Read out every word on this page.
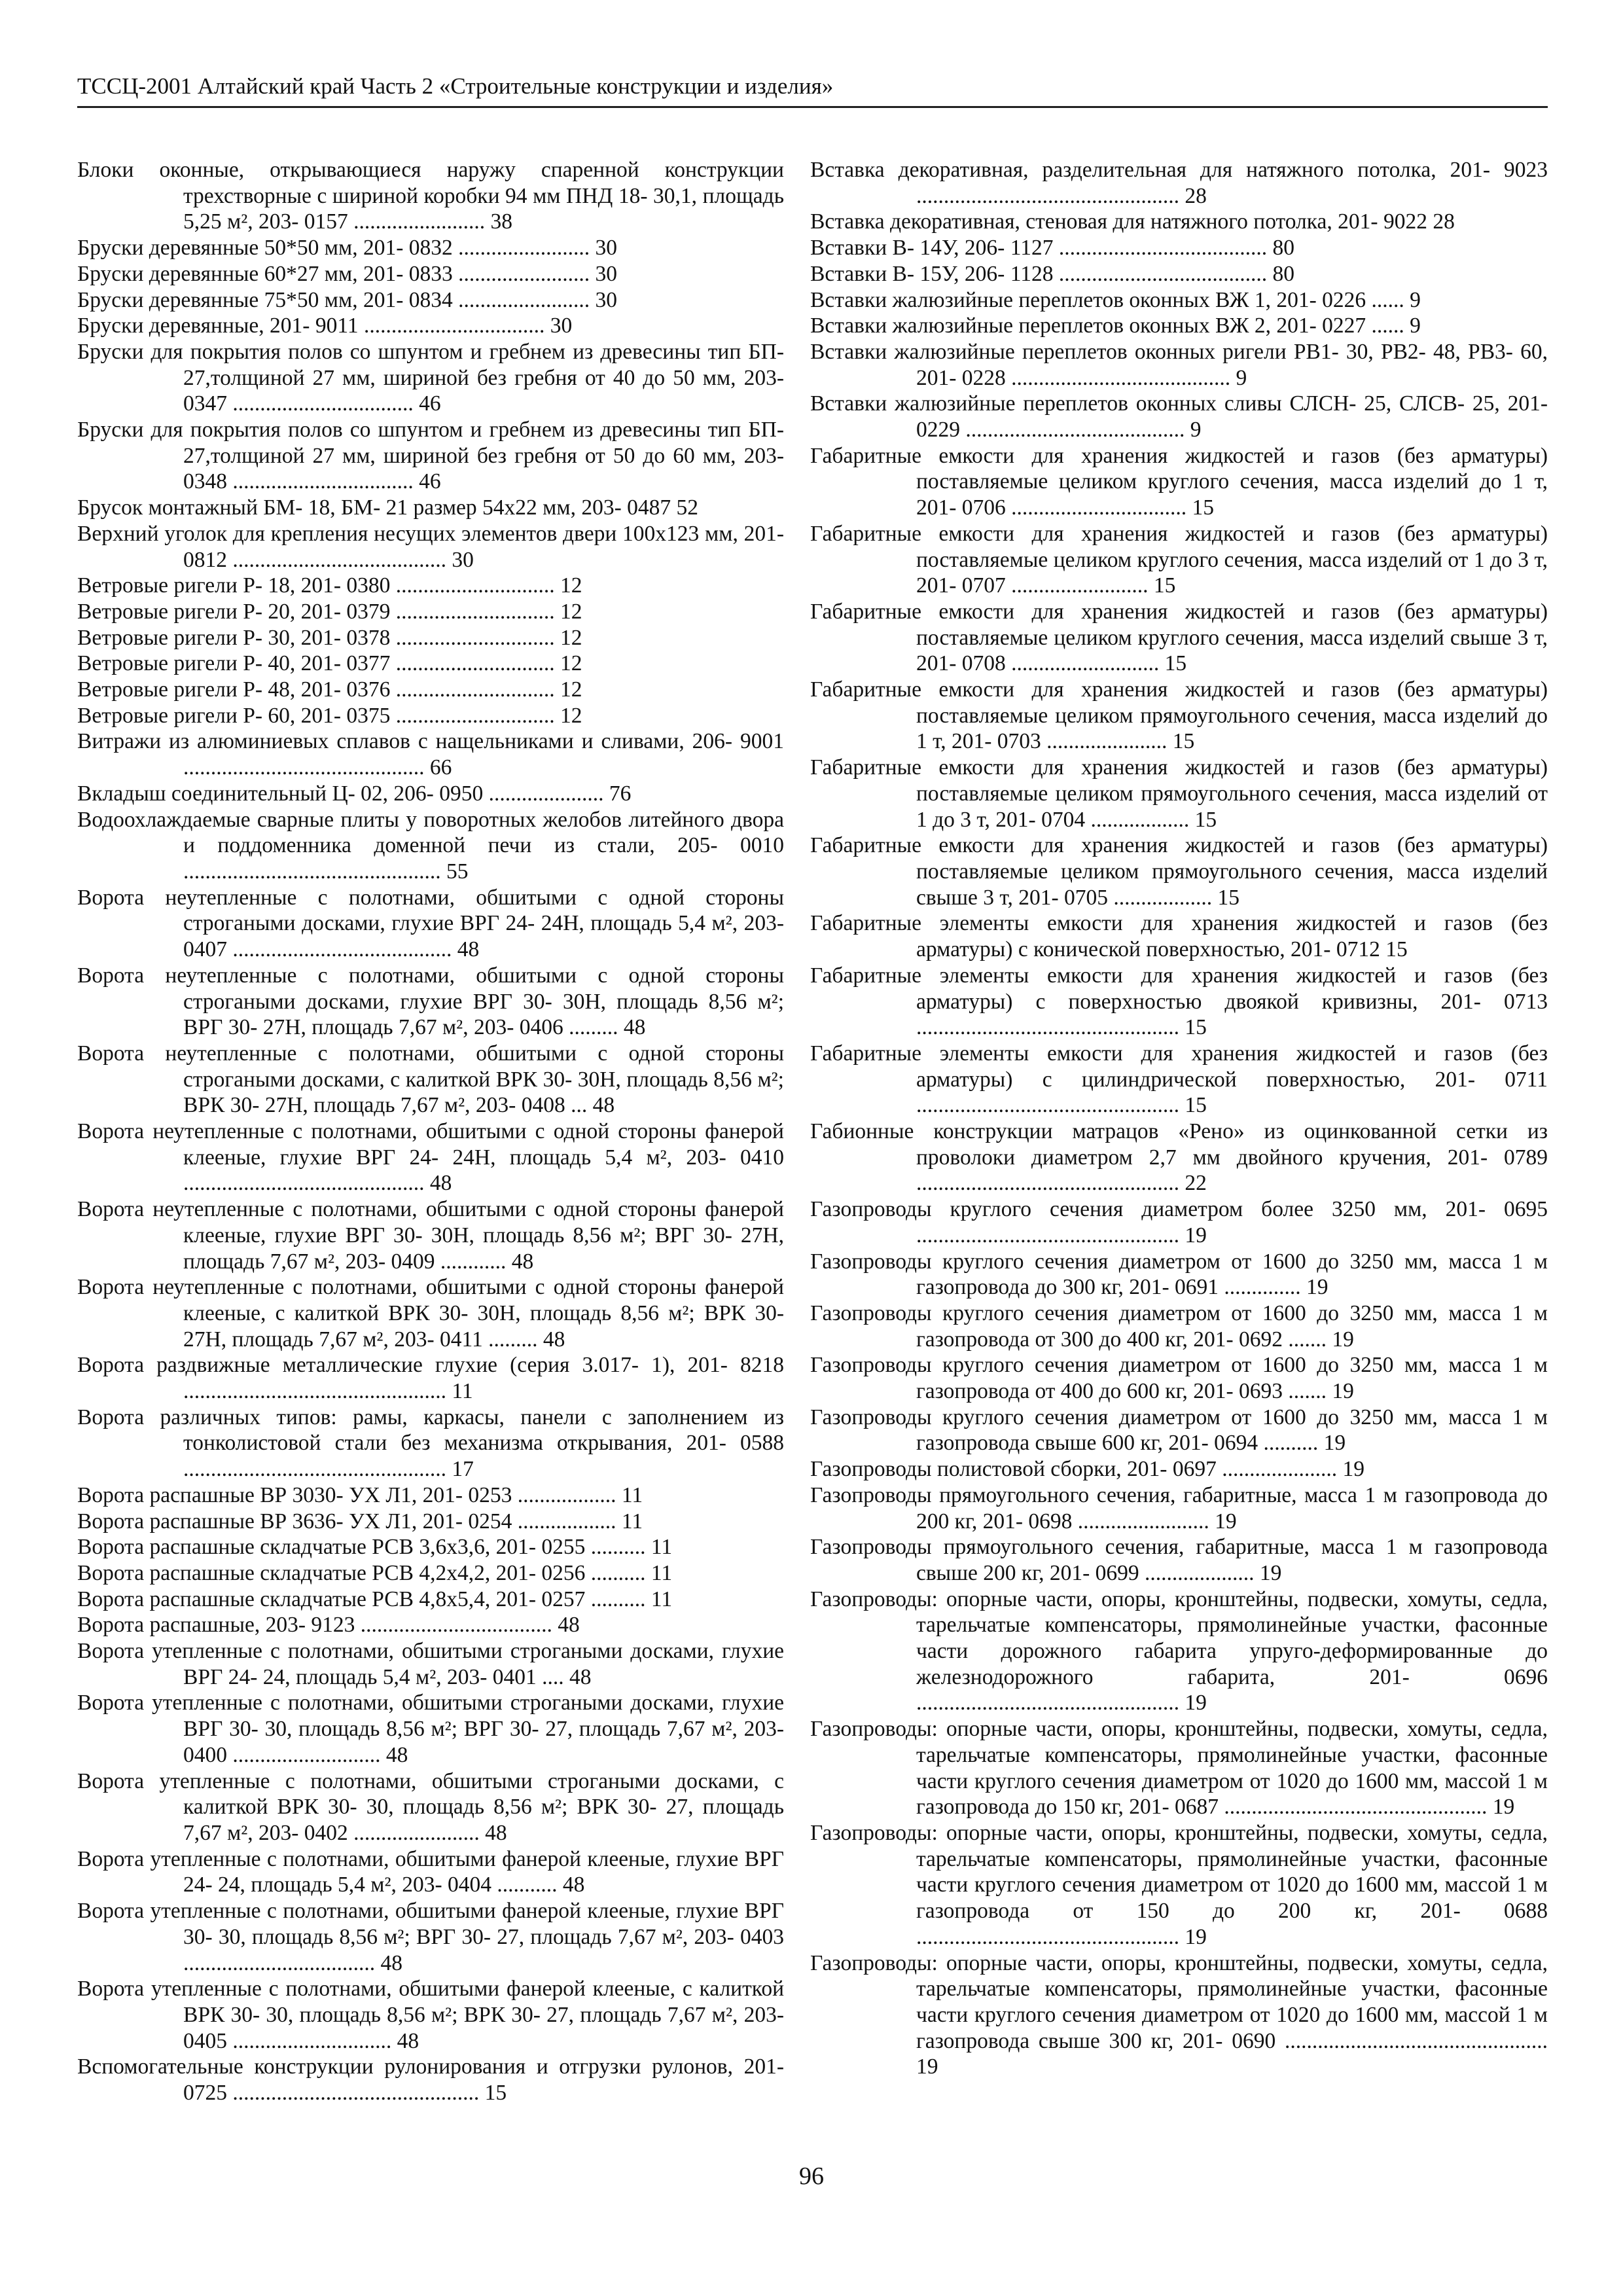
ТССЦ-2001 Алтайский край Часть 2 «Строительные конструкции и изделия»

Блоки оконные, открывающиеся наружу спаренной конструкции трехстворные с шириной коробки 94 мм ПНД 18- 30,1, площадь 5,25 м², 203- 0157 ........................ 38

Бруски деревянные 50*50 мм, 201- 0832 ........................ 30

Бруски деревянные 60*27 мм, 201- 0833 ........................ 30

Бруски деревянные 75*50 мм, 201- 0834 ........................ 30

Бруски деревянные, 201- 9011 ................................. 30

Бруски для покрытия полов со шпунтом и гребнем из древесины тип БП- 27,толщиной 27 мм, шириной без гребня от 40 до 50 мм, 203- 0347 ................................. 46

Бруски для покрытия полов со шпунтом и гребнем из древесины тип БП- 27,толщиной 27 мм, шириной без гребня от 50 до 60 мм, 203- 0348 ................................. 46

Брусок монтажный БМ- 18, БМ- 21 размер 54х22 мм, 203- 0487 52

Верхний уголок для крепления несущих элементов двери 100х123 мм, 201- 0812 ....................................... 30

Ветровые ригели Р- 18, 201- 0380 ............................. 12

Ветровые ригели Р- 20, 201- 0379 ............................. 12

Ветровые ригели Р- 30, 201- 0378 ............................. 12

Ветровые ригели Р- 40, 201- 0377 ............................. 12

Ветровые ригели Р- 48, 201- 0376 ............................. 12

Ветровые ригели Р- 60, 201- 0375 ............................. 12

Витражи из алюминиевых сплавов с нащельниками и сливами, 206- 9001 ............................................ 66

Вкладыш соединительный Ц- 02, 206- 0950 ..................... 76

Водоохлаждаемые сварные плиты у поворотных желобов литейного двора и поддоменника доменной печи из стали, 205- 0010 ............................................... 55

Ворота неутепленные с полотнами, обшитыми с одной стороны строгаными досками, глухие ВРГ 24- 24Н, площадь 5,4 м², 203- 0407 ........................................ 48

Ворота неутепленные с полотнами, обшитыми с одной стороны строгаными досками, глухие ВРГ 30- 30Н, площадь 8,56 м²; ВРГ 30- 27Н, площадь 7,67 м², 203- 0406 ......... 48

Ворота неутепленные с полотнами, обшитыми с одной стороны строгаными досками, с калиткой ВРК 30- 30Н, площадь 8,56 м²; ВРК 30- 27Н, площадь 7,67 м², 203- 0408 ... 48

Ворота неутепленные с полотнами, обшитыми с одной стороны фанерой клееные, глухие ВРГ 24- 24Н, площадь 5,4 м², 203- 0410 ............................................ 48

Ворота неутепленные с полотнами, обшитыми с одной стороны фанерой клееные, глухие ВРГ 30- 30Н, площадь 8,56 м²; ВРГ 30- 27Н, площадь 7,67 м², 203- 0409 ............ 48

Ворота неутепленные с полотнами, обшитыми с одной стороны фанерой клееные, с калиткой ВРК 30- 30Н, площадь 8,56 м²; ВРК 30- 27Н, площадь 7,67 м², 203- 0411 ......... 48

Ворота раздвижные металлические глухие (серия 3.017- 1), 201- 8218 ................................................ 11

Ворота различных типов: рамы, каркасы, панели с заполнением из тонколистовой стали без механизма открывания, 201- 0588 ................................................ 17

Ворота распашные ВР 3030- УХ Л1, 201- 0253 .................. 11

Ворота распашные ВР 3636- УХ Л1, 201- 0254 .................. 11

Ворота распашные складчатые РСВ 3,6х3,6, 201- 0255 .......... 11

Ворота распашные складчатые РСВ 4,2х4,2, 201- 0256 .......... 11

Ворота распашные складчатые РСВ 4,8х5,4, 201- 0257 .......... 11

Ворота распашные, 203- 9123 ................................... 48

Ворота утепленные с полотнами, обшитыми строгаными досками, глухие ВРГ 24- 24, площадь 5,4 м², 203- 0401 .... 48

Ворота утепленные с полотнами, обшитыми строгаными досками, глухие ВРГ 30- 30, площадь 8,56 м²; ВРГ 30- 27, площадь 7,67 м², 203- 0400 ........................... 48

Ворота утепленные с полотнами, обшитыми строгаными досками, с калиткой ВРК 30- 30, площадь 8,56 м²; ВРК 30- 27, площадь 7,67 м², 203- 0402 ....................... 48

Ворота утепленные с полотнами, обшитыми фанерой клееные, глухие ВРГ 24- 24, площадь 5,4 м², 203- 0404 ........... 48

Ворота утепленные с полотнами, обшитыми фанерой клееные, глухие ВРГ 30- 30, площадь 8,56 м²; ВРГ 30- 27, площадь 7,67 м², 203- 0403 ................................... 48

Ворота утепленные с полотнами, обшитыми фанерой клееные, с калиткой ВРК 30- 30, площадь 8,56 м²; ВРК 30- 27, площадь 7,67 м², 203- 0405 ............................. 48

Вспомогательные конструкции рулонирования и отгрузки рулонов, 201- 0725 ............................................. 15

Вставка декоративная, разделительная для натяжного потолка, 201- 9023 ................................................ 28

Вставка декоративная, стеновая для натяжного потолка, 201- 9022 28

Вставки В- 14У, 206- 1127 ...................................... 80

Вставки В- 15У, 206- 1128 ...................................... 80

Вставки жалюзийные переплетов оконных ВЖ 1, 201- 0226 ...... 9

Вставки жалюзийные переплетов оконных ВЖ 2, 201- 0227 ...... 9

Вставки жалюзийные переплетов оконных ригели РВ1- 30, РВ2- 48, РВ3- 60, 201- 0228 ........................................ 9

Вставки жалюзийные переплетов оконных сливы СЛСН- 25, СЛСВ- 25, 201- 0229 ........................................ 9

Габаритные емкости для хранения жидкостей и газов (без арматуры) поставляемые целиком круглого сечения, масса изделий до 1 т, 201- 0706 ................................ 15

Габаритные емкости для хранения жидкостей и газов (без арматуры) поставляемые целиком круглого сечения, масса изделий от 1 до 3 т, 201- 0707 ......................... 15

Габаритные емкости для хранения жидкостей и газов (без арматуры) поставляемые целиком круглого сечения, масса изделий свыше 3 т, 201- 0708 ........................... 15

Габаритные емкости для хранения жидкостей и газов (без арматуры) поставляемые целиком прямоугольного сечения, масса изделий до 1 т, 201- 0703 ...................... 15

Габаритные емкости для хранения жидкостей и газов (без арматуры) поставляемые целиком прямоугольного сечения, масса изделий от 1 до 3 т, 201- 0704 .................. 15

Габаритные емкости для хранения жидкостей и газов (без арматуры) поставляемые целиком прямоугольного сечения, масса изделий свыше 3 т, 201- 0705 .................. 15

Габаритные элементы емкости для хранения жидкостей и газов (без арматуры) с конической поверхностью, 201- 0712 15

Габаритные элементы емкости для хранения жидкостей и газов (без арматуры) с поверхностью двоякой кривизны, 201- 0713 ................................................ 15

Габаритные элементы емкости для хранения жидкостей и газов (без арматуры) с цилиндрической поверхностью, 201- 0711 ................................................ 15

Габионные конструкции матрацов «Рено» из оцинкованной сетки из проволоки диаметром 2,7 мм двойного кручения, 201- 0789 ................................................ 22

Газопроводы круглого сечения диаметром более 3250 мм, 201- 0695 ................................................ 19

Газопроводы круглого сечения диаметром от 1600 до 3250 мм, масса 1 м газопровода до 300 кг, 201- 0691 .............. 19

Газопроводы круглого сечения диаметром от 1600 до 3250 мм, масса 1 м газопровода от 300 до 400 кг, 201- 0692 ....... 19

Газопроводы круглого сечения диаметром от 1600 до 3250 мм, масса 1 м газопровода от 400 до 600 кг, 201- 0693 ....... 19

Газопроводы круглого сечения диаметром от 1600 до 3250 мм, масса 1 м газопровода свыше 600 кг, 201- 0694 .......... 19

Газопроводы полистовой сборки, 201- 0697 ..................... 19

Газопроводы прямоугольного сечения, габаритные, масса 1 м газопровода до 200 кг, 201- 0698 ........................ 19

Газопроводы прямоугольного сечения, габаритные, масса 1 м газопровода свыше 200 кг, 201- 0699 .................... 19

Газопроводы: опорные части, опоры, кронштейны, подвески, хомуты, седла, тарельчатые компенсаторы, прямолинейные участки, фасонные части дорожного габарита упруго-деформированные до железнодорожного габарита, 201- 0696 ................................................ 19

Газопроводы: опорные части, опоры, кронштейны, подвески, хомуты, седла, тарельчатые компенсаторы, прямолинейные участки, фасонные части круглого сечения диаметром от 1020 до 1600 мм, массой 1 м газопровода до 150 кг, 201- 0687 ................................................ 19

Газопроводы: опорные части, опоры, кронштейны, подвески, хомуты, седла, тарельчатые компенсаторы, прямолинейные участки, фасонные части круглого сечения диаметром от 1020 до 1600 мм, массой 1 м газопровода от 150 до 200 кг, 201- 0688 ................................................ 19

Газопроводы: опорные части, опоры, кронштейны, подвески, хомуты, седла, тарельчатые компенсаторы, прямолинейные участки, фасонные части круглого сечения диаметром от 1020 до 1600 мм, массой 1 м газопровода свыше 300 кг, 201- 0690 ................................................ 19

96
